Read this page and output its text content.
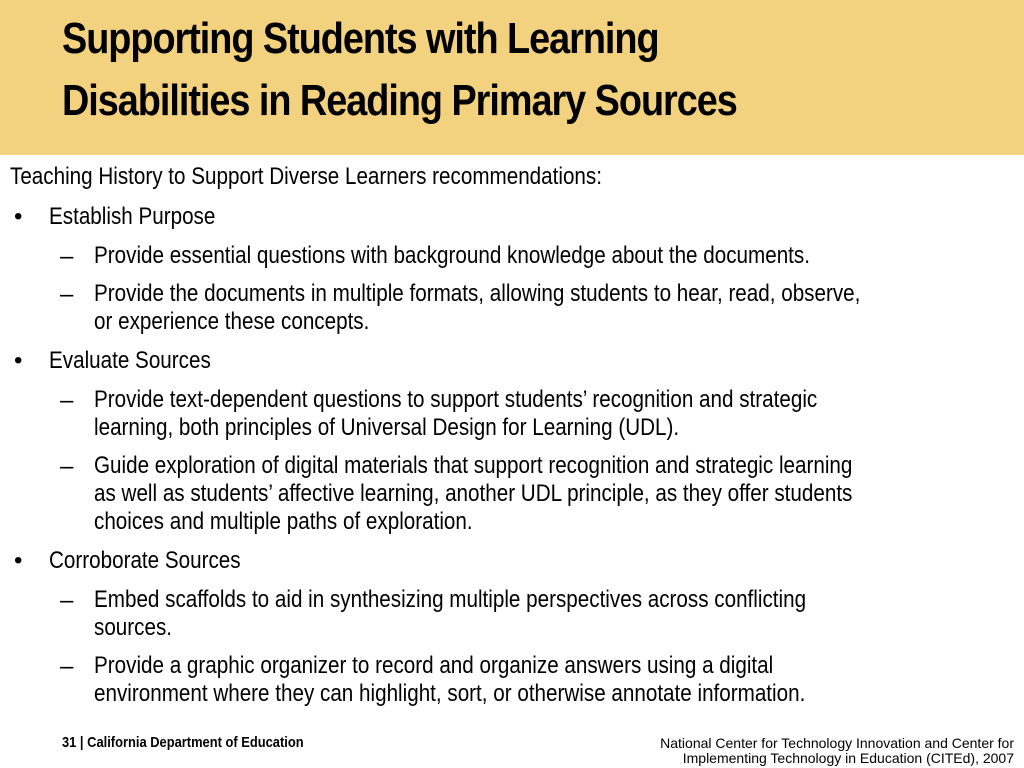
Supporting Students with Learning
Disabilities in Reading Primary Sources
Teaching History to Support Diverse Learners recommendations:
• Establish Purpose
– Provide essential questions with background knowledge about the documents.
– Provide the documents in multiple formats, allowing students to hear, read, observe,
or experience these concepts.
• Evaluate Sources
– Provide text-dependent questions to support students’ recognition and strategic
learning, both principles of Universal Design for Learning (UDL).
– Guide exploration of digital materials that support recognition and strategic learning
as well as students’ affective learning, another UDL principle, as they offer students
choices and multiple paths of exploration.
• Corroborate Sources
– Embed scaffolds to aid in synthesizing multiple perspectives across conflicting
sources.
– Provide a graphic organizer to record and organize answers using a digital
environment where they can highlight, sort, or otherwise annotate information.
31 | California Department of Education	National Center for Technology Innovation and Center for
Implementing Technology in Education (CITEd), 2007
